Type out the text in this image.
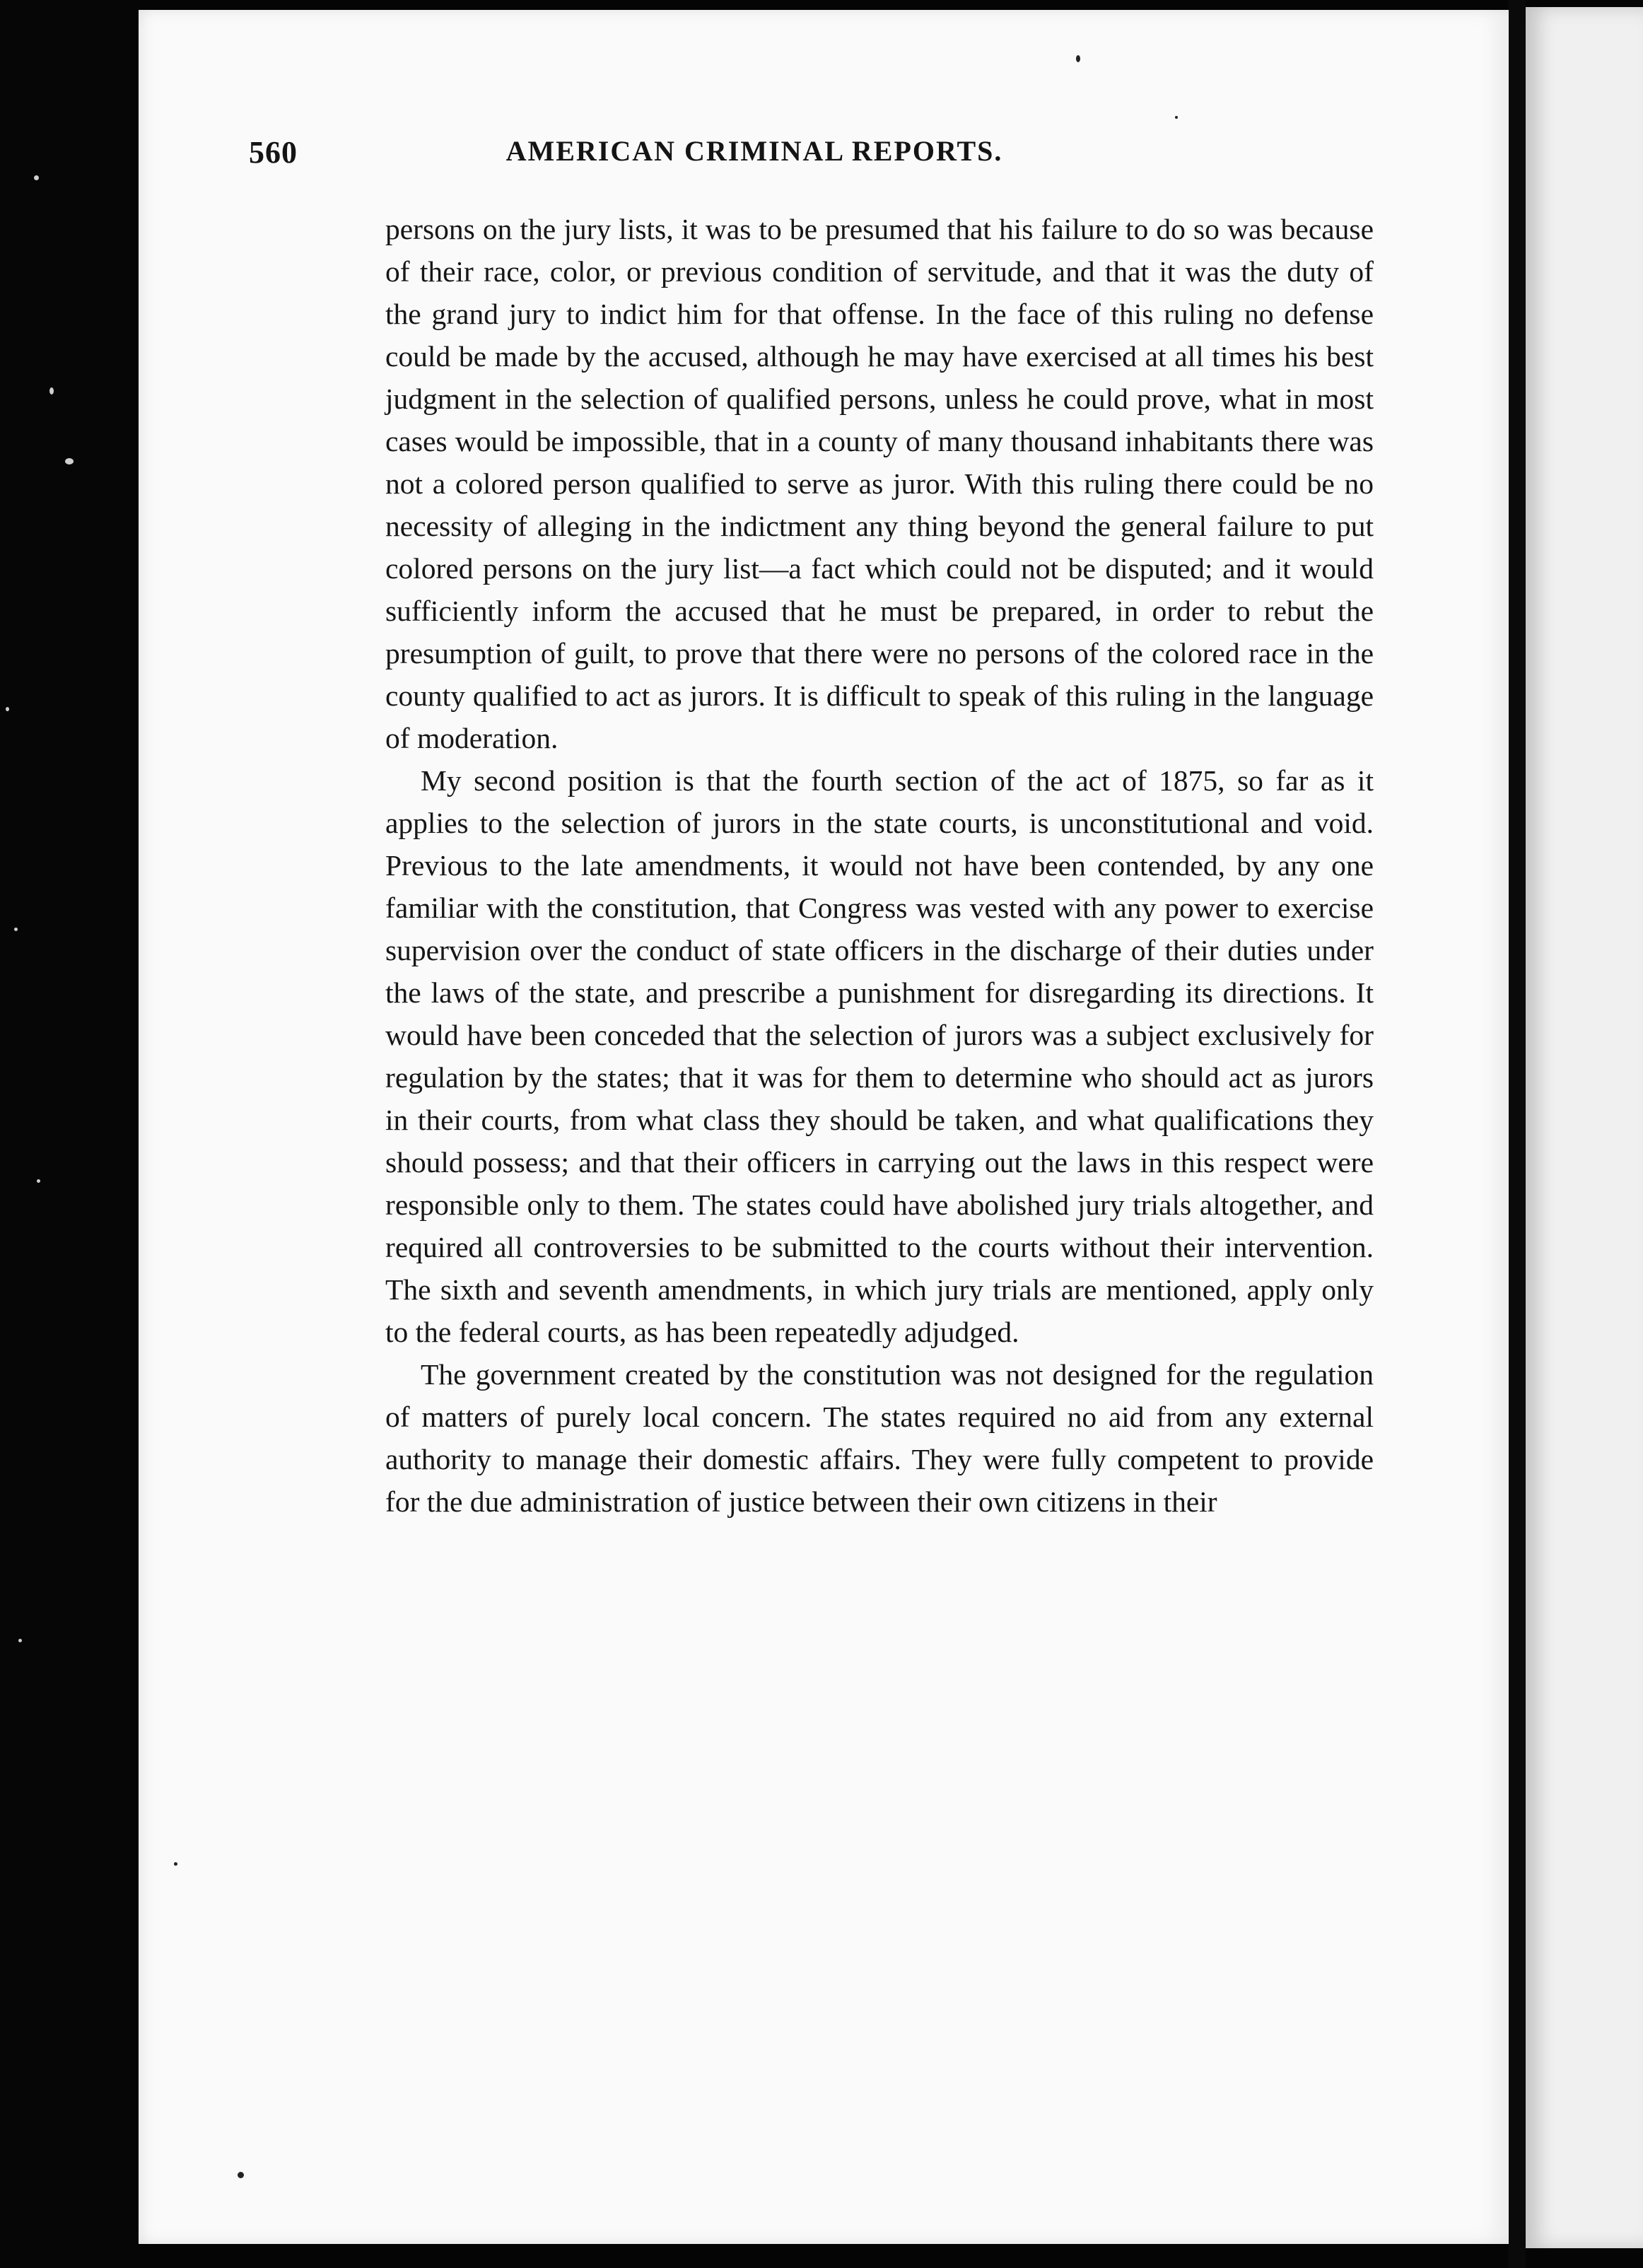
560	AMERICAN CRIMINAL REPORTS.

persons on the jury lists, it was to be presumed that his failure to do so was because of their race, color, or previous condition of servitude, and that it was the duty of the grand jury to indict him for that offense. In the face of this ruling no defense could be made by the accused, although he may have exercised at all times his best judgment in the selection of qualified persons, unless he could prove, what in most cases would be impossible, that in a county of many thousand inhabitants there was not a colored person qualified to serve as juror. With this ruling there could be no necessity of alleging in the indictment any thing beyond the general failure to put colored persons on the jury list—a fact which could not be disputed; and it would sufficiently inform the accused that he must be prepared, in order to rebut the presumption of guilt, to prove that there were no persons of the colored race in the county qualified to act as jurors. It is difficult to speak of this ruling in the language of moderation.

My second position is that the fourth section of the act of 1875, so far as it applies to the selection of jurors in the state courts, is unconstitutional and void. Previous to the late amendments, it would not have been contended, by any one familiar with the constitution, that Congress was vested with any power to exercise supervision over the conduct of state officers in the discharge of their duties under the laws of the state, and prescribe a punishment for disregarding its directions. It would have been conceded that the selection of jurors was a subject exclusively for regulation by the states; that it was for them to determine who should act as jurors in their courts, from what class they should be taken, and what qualifications they should possess; and that their officers in carrying out the laws in this respect were responsible only to them. The states could have abolished jury trials altogether, and required all controversies to be submitted to the courts without their intervention. The sixth and seventh amendments, in which jury trials are mentioned, apply only to the federal courts, as has been repeatedly adjudged.

The government created by the constitution was not designed for the regulation of matters of purely local concern. The states required no aid from any external authority to manage their domestic affairs. They were fully competent to provide for the due administration of justice between their own citizens in their
